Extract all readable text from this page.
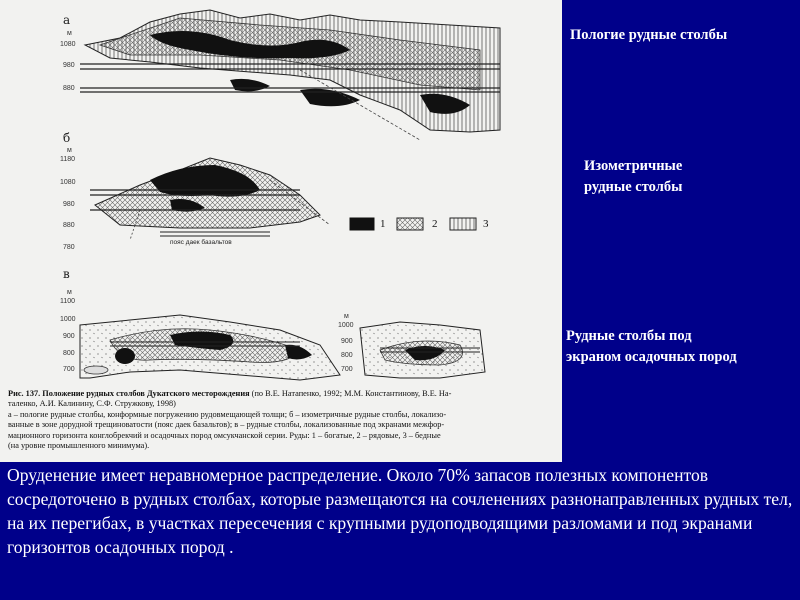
а
б
в
м
1080
980
880
м
1180
1080
980
880
780
пояс даек базальтов
1	2	3
м
1100
1000
900
800
700
м
1000
900
800
700
Рис. 137. Положение рудных столбов Дукатского месторождения (по В.Е. Натапенко, 1992; М.М. Константинову, В.Е. На-
таленко, А.И. Калинину, С.Ф. Стружкову, 1998)
а – пологие рудные столбы, конформные погружению рудовмещающей толщи; б – изометричные рудные столбы, локализо-
ванные в зоне дорудной трещиноватости (пояс даек базальтов); в – рудные столбы, локализованные под экранами межфор-
мационного горизонта конглобрекчий и осадочных пород омсукчанской серии. Руды: 1 – богатые, 2 – рядовые, 3 – бедные
(на уровне промышленного минимума).
Пологие рудные столбы
Изометричные
рудные столбы
Рудные столбы под
экраном осадочных пород
Оруденение имеет неравномерное распределение. Около 70% запасов полезных компонентов сосредоточено в рудных столбах, которые размещаются на сочленениях разнонаправленных рудных тел, на их перегибах, в участках пересечения с крупными рудоподводящими разломами и под экранами горизонтов осадочных пород .
